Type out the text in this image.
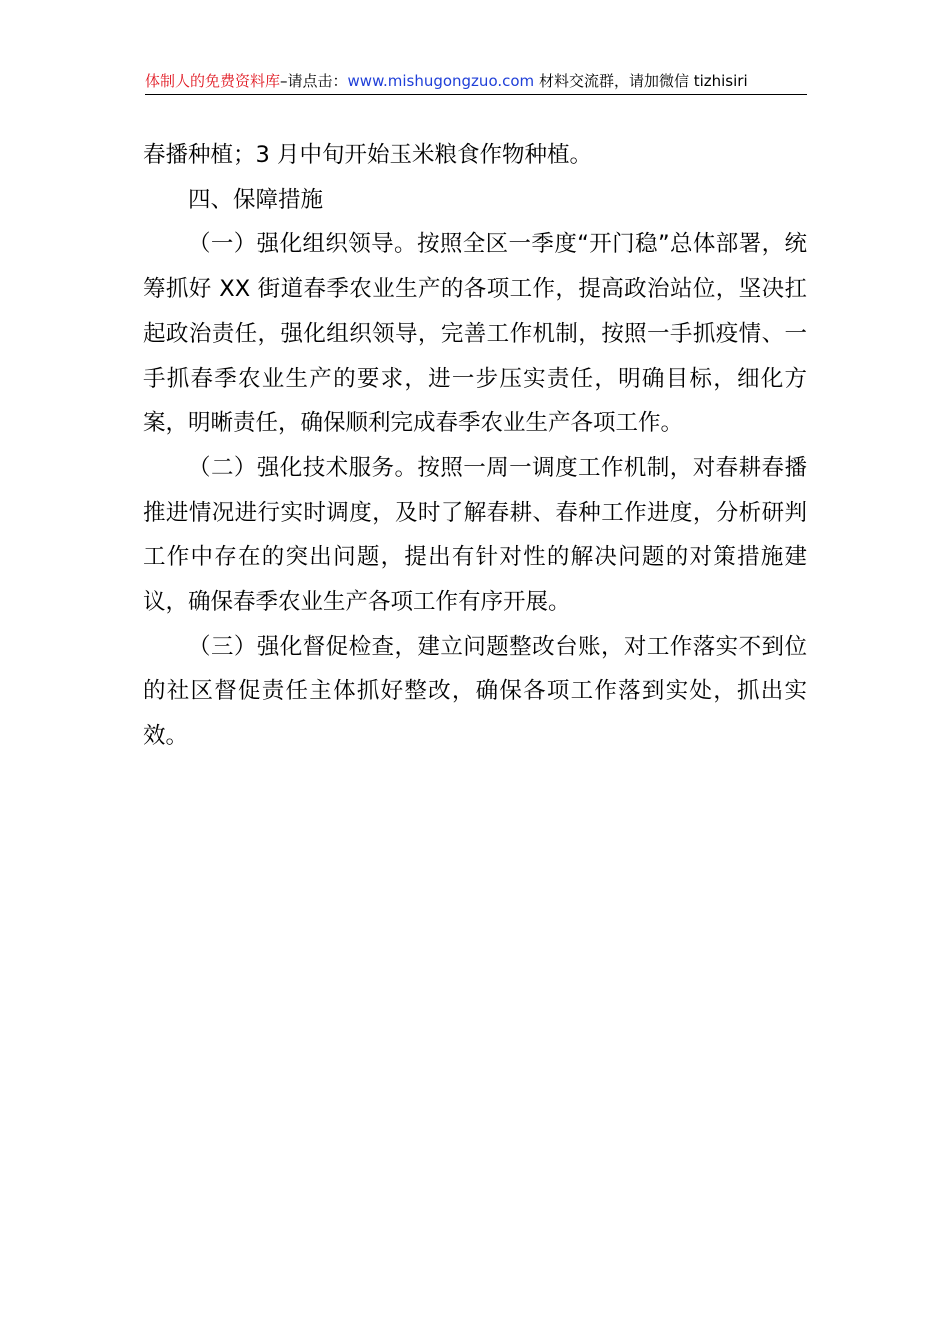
体制人的免费资料库–请点击：www.mishugongzuo.com 材料交流群，请加微信 tizhisiri

春播种植；3 月中旬开始玉米粮食作物种植。

四、保障措施

（一）强化组织领导。按照全区一季度“开门稳”总体部署，统筹抓好 XX 街道春季农业生产的各项工作，提高政治站位，坚决扛起政治责任，强化组织领导，完善工作机制，按照一手抓疫情、一手抓春季农业生产的要求，进一步压实责任，明确目标，细化方案，明晰责任，确保顺利完成春季农业生产各项工作。

（二）强化技术服务。按照一周一调度工作机制，对春耕春播推进情况进行实时调度，及时了解春耕、春种工作进度，分析研判工作中存在的突出问题，提出有针对性的解决问题的对策措施建议，确保春季农业生产各项工作有序开展。

（三）强化督促检查，建立问题整改台账，对工作落实不到位的社区督促责任主体抓好整改，确保各项工作落到实处，抓出实效。
